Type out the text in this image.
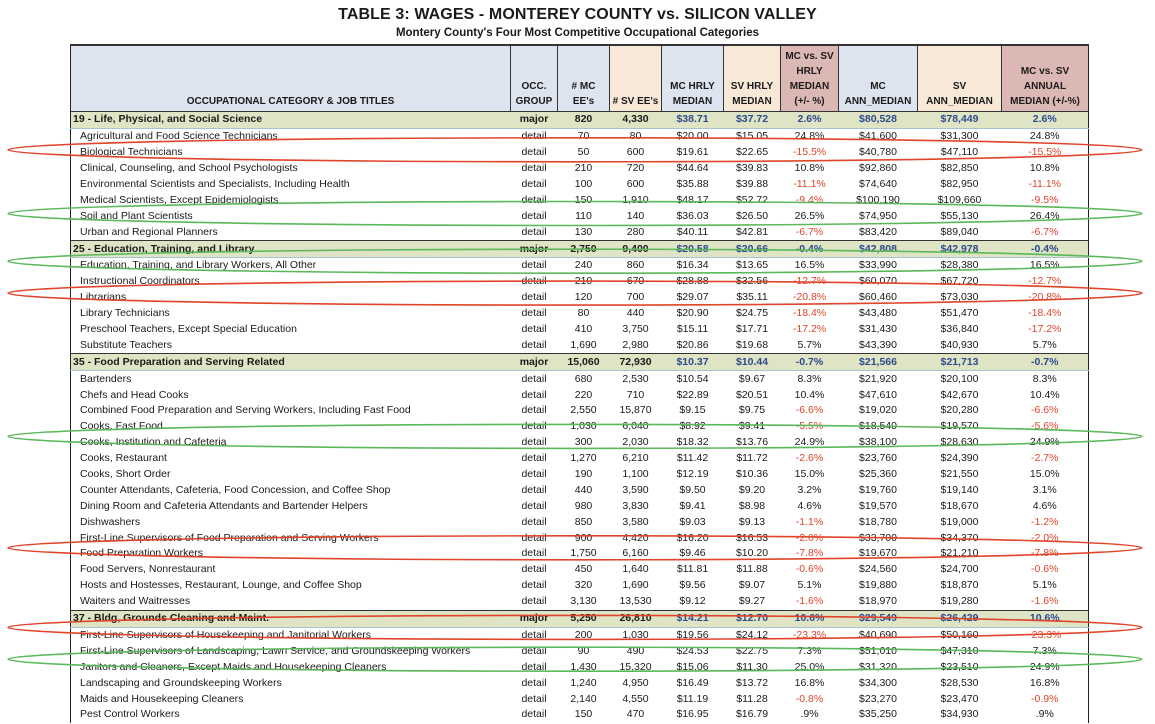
TABLE 3: WAGES - MONTEREY COUNTY vs. SILICON VALLEY
Montery County's Four Most Competitive Occupational Categories
OCCUPATIONAL CATEGORY & JOB TITLES	OCC. GROUP	# MC EE's	# SV EE's	MC HRLY MEDIAN	SV HRLY MEDIAN	MC vs. SV HRLY MEDIAN (+/- %)	MC ANN_MEDIAN	SV ANN_MEDIAN	MC vs. SV ANNUAL MEDIAN (+/-%)
19 - Life, Physical, and Social Science	major	820	4,330	$38.71	$37.72	2.6%	$80,528	$78,449	2.6%
Agricultural and Food Science Technicians	detail	70	80	$20.00	$15.05	24.8%	$41,600	$31,300	24.8%
Biological Technicians	detail	50	600	$19.61	$22.65	-15.5%	$40,780	$47,110	-15.5%
Clinical, Counseling, and School Psychologists	detail	210	720	$44.64	$39.83	10.8%	$92,860	$82,850	10.8%
Environmental Scientists and Specialists, Including Health	detail	100	600	$35.88	$39.88	-11.1%	$74,640	$82,950	-11.1%
Medical Scientists, Except Epidemiologists	detail	150	1,910	$48.17	$52.72	-9.4%	$100,190	$109,660	-9.5%
Soil and Plant Scientists	detail	110	140	$36.03	$26.50	26.5%	$74,950	$55,130	26.4%
Urban and Regional Planners	detail	130	280	$40.11	$42.81	-6.7%	$83,420	$89,040	-6.7%
25 - Education, Training, and Library	major	2,750	9,400	$20.58	$20.66	-0.4%	$42,808	$42,978	-0.4%
Education, Training, and Library Workers, All Other	detail	240	860	$16.34	$13.65	16.5%	$33,990	$28,380	16.5%
Instructional Coordinators	detail	210	670	$28.88	$32.56	-12.7%	$60,070	$67,720	-12.7%
Librarians	detail	120	700	$29.07	$35.11	-20.8%	$60,460	$73,030	-20.8%
Library Technicians	detail	80	440	$20.90	$24.75	-18.4%	$43,480	$51,470	-18.4%
Preschool Teachers, Except Special Education	detail	410	3,750	$15.11	$17.71	-17.2%	$31,430	$36,840	-17.2%
Substitute Teachers	detail	1,690	2,980	$20.86	$19.68	5.7%	$43,390	$40,930	5.7%
35 - Food Preparation and Serving Related	major	15,060	72,930	$10.37	$10.44	-0.7%	$21,566	$21,713	-0.7%
Bartenders	detail	680	2,530	$10.54	$9.67	8.3%	$21,920	$20,100	8.3%
Chefs and Head Cooks	detail	220	710	$22.89	$20.51	10.4%	$47,610	$42,670	10.4%
Combined Food Preparation and Serving Workers, Including Fast Food	detail	2,550	15,870	$9.15	$9.75	-6.6%	$19,020	$20,280	-6.6%
Cooks, Fast Food	detail	1,030	6,040	$8.92	$9.41	-5.5%	$18,540	$19,570	-5.6%
Cooks, Institution and Cafeteria	detail	300	2,030	$18.32	$13.76	24.9%	$38,100	$28,630	24.9%
Cooks, Restaurant	detail	1,270	6,210	$11.42	$11.72	-2.6%	$23,760	$24,390	-2.7%
Cooks, Short Order	detail	190	1,100	$12.19	$10.36	15.0%	$25,360	$21,550	15.0%
Counter Attendants, Cafeteria, Food Concession, and Coffee Shop	detail	440	3,590	$9.50	$9.20	3.2%	$19,760	$19,140	3.1%
Dining Room and Cafeteria Attendants and Bartender Helpers	detail	980	3,830	$9.41	$8.98	4.6%	$19,570	$18,670	4.6%
Dishwashers	detail	850	3,580	$9.03	$9.13	-1.1%	$18,780	$19,000	-1.2%
First-Line Supervisors of Food Preparation and Serving Workers	detail	900	4,420	$16.20	$16.53	-2.0%	$33,700	$34,370	-2.0%
Food Preparation Workers	detail	1,750	6,160	$9.46	$10.20	-7.8%	$19,670	$21,210	-7.8%
Food Servers, Nonrestaurant	detail	450	1,640	$11.81	$11.88	-0.6%	$24,560	$24,700	-0.6%
Hosts and Hostesses, Restaurant, Lounge, and Coffee Shop	detail	320	1,690	$9.56	$9.07	5.1%	$19,880	$18,870	5.1%
Waiters and Waitresses	detail	3,130	13,530	$9.12	$9.27	-1.6%	$18,970	$19,280	-1.6%
37 - Bldg, Grounds Cleaning and Maint.	major	5,250	26,810	$14.21	$12.70	10.6%	$29,549	$26,429	10.6%
First-Line Supervisors of Housekeeping and Janitorial Workers	detail	200	1,030	$19.56	$24.12	-23.3%	$40,690	$50,160	-23.3%
First-Line Supervisors of Landscaping, Lawn Service, and Groundskeeping Workers	detail	90	490	$24.53	$22.75	7.3%	$51,010	$47,310	7.3%
Janitors and Cleaners, Except Maids and Housekeeping Cleaners	detail	1,430	15,320	$15.06	$11.30	25.0%	$31,320	$23,510	24.9%
Landscaping and Groundskeeping Workers	detail	1,240	4,950	$16.49	$13.72	16.8%	$34,300	$28,530	16.8%
Maids and Housekeeping Cleaners	detail	2,140	4,550	$11.19	$11.28	-0.8%	$23,270	$23,470	-0.9%
Pest Control Workers	detail	150	470	$16.95	$16.79	.9%	$35,250	$34,930	.9%
